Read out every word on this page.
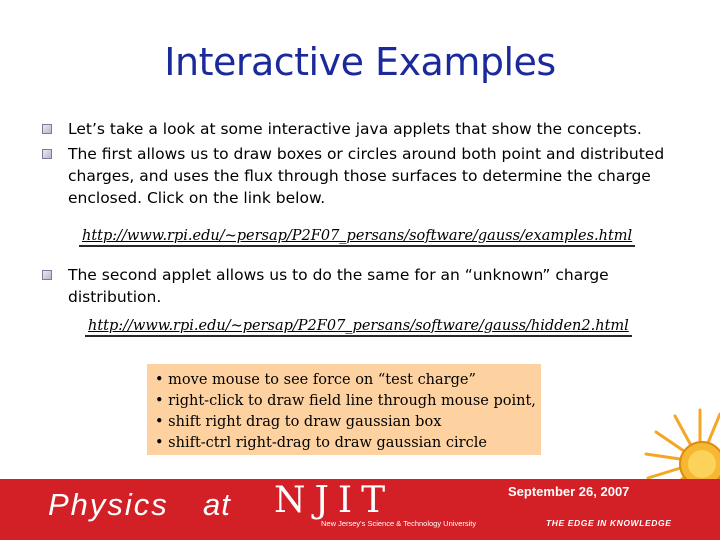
Interactive Examples
Let’s take a look at some interactive java applets that show the concepts.
The first allows us to draw boxes or circles around both point and distributed charges, and uses the flux through those surfaces to determine the charge enclosed. Click on the link below.
http://www.rpi.edu/~persap/P2F07_persans/software/gauss/examples.html
The second applet allows us to do the same for an “unknown” charge distribution.
http://www.rpi.edu/~persap/P2F07_persans/software/gauss/hidden2.html
• move mouse to see force on “test charge”
• right-click to draw field line through mouse point,
• shift right drag to draw gaussian box
• shift-ctrl right-drag to draw gaussian circle
September 26, 2007
Physics at NJIT
New Jersey's Science & Technology University	THE EDGE IN KNOWLEDGE
